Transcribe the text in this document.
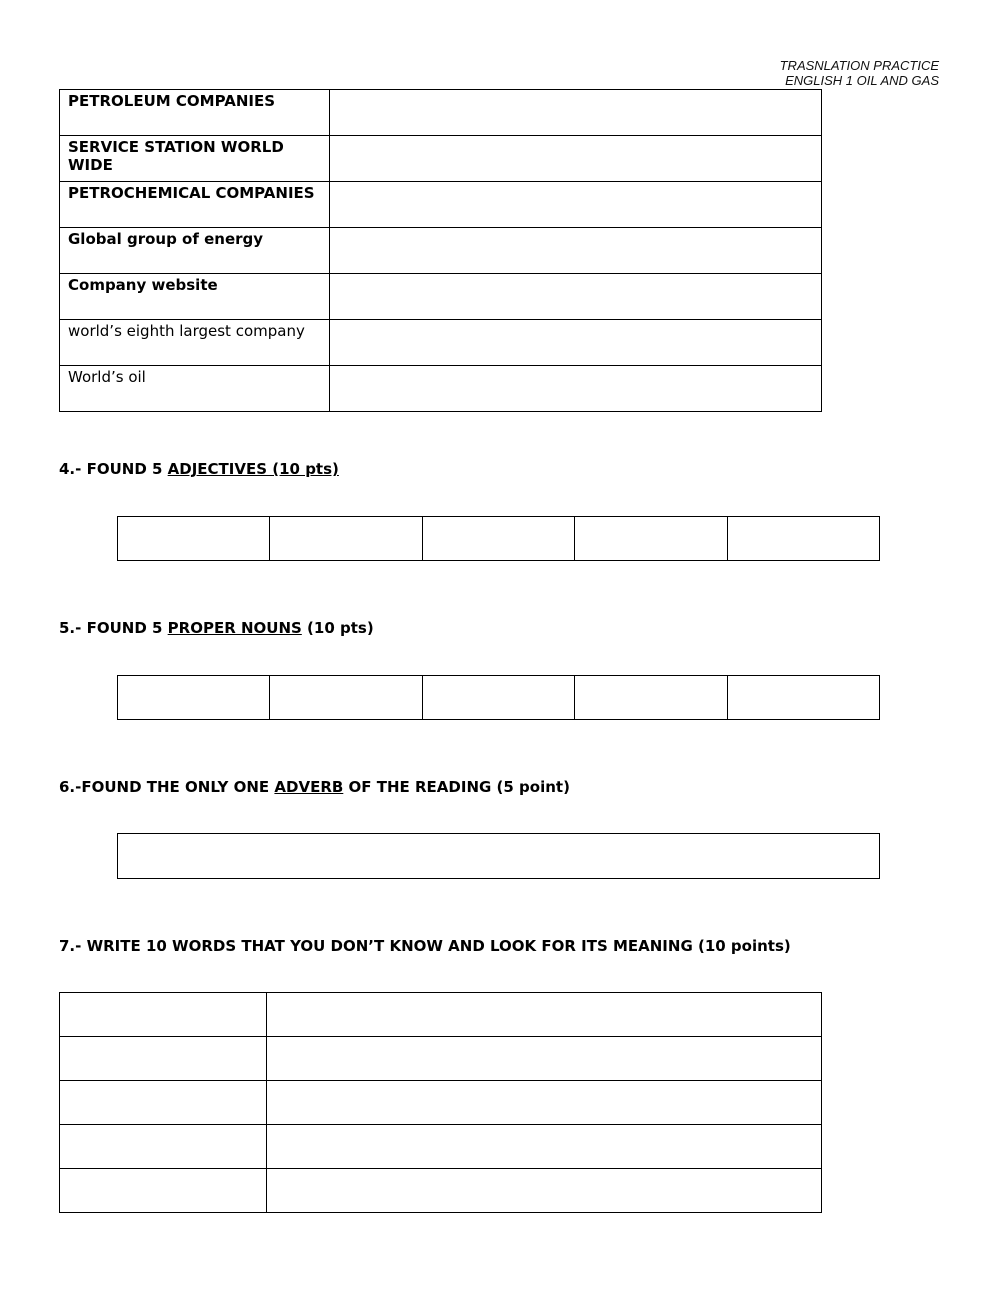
TRASNLATION PRACTICE
ENGLISH 1 OIL AND GAS
PETROLEUM COMPANIES	
SERVICE STATION WORLD WIDE	
PETROCHEMICAL COMPANIES	
Global group of energy	
Company website	
world’s eighth largest company	
World’s oil	
4.- FOUND 5 ADJECTIVES (10 pts)

5.- FOUND 5 PROPER NOUNS (10 pts)

6.-FOUND THE ONLY ONE ADVERB OF THE READING (5 point)
7.- WRITE 10 WORDS THAT YOU DON’T KNOW AND LOOK FOR ITS MEANING (10 points)
